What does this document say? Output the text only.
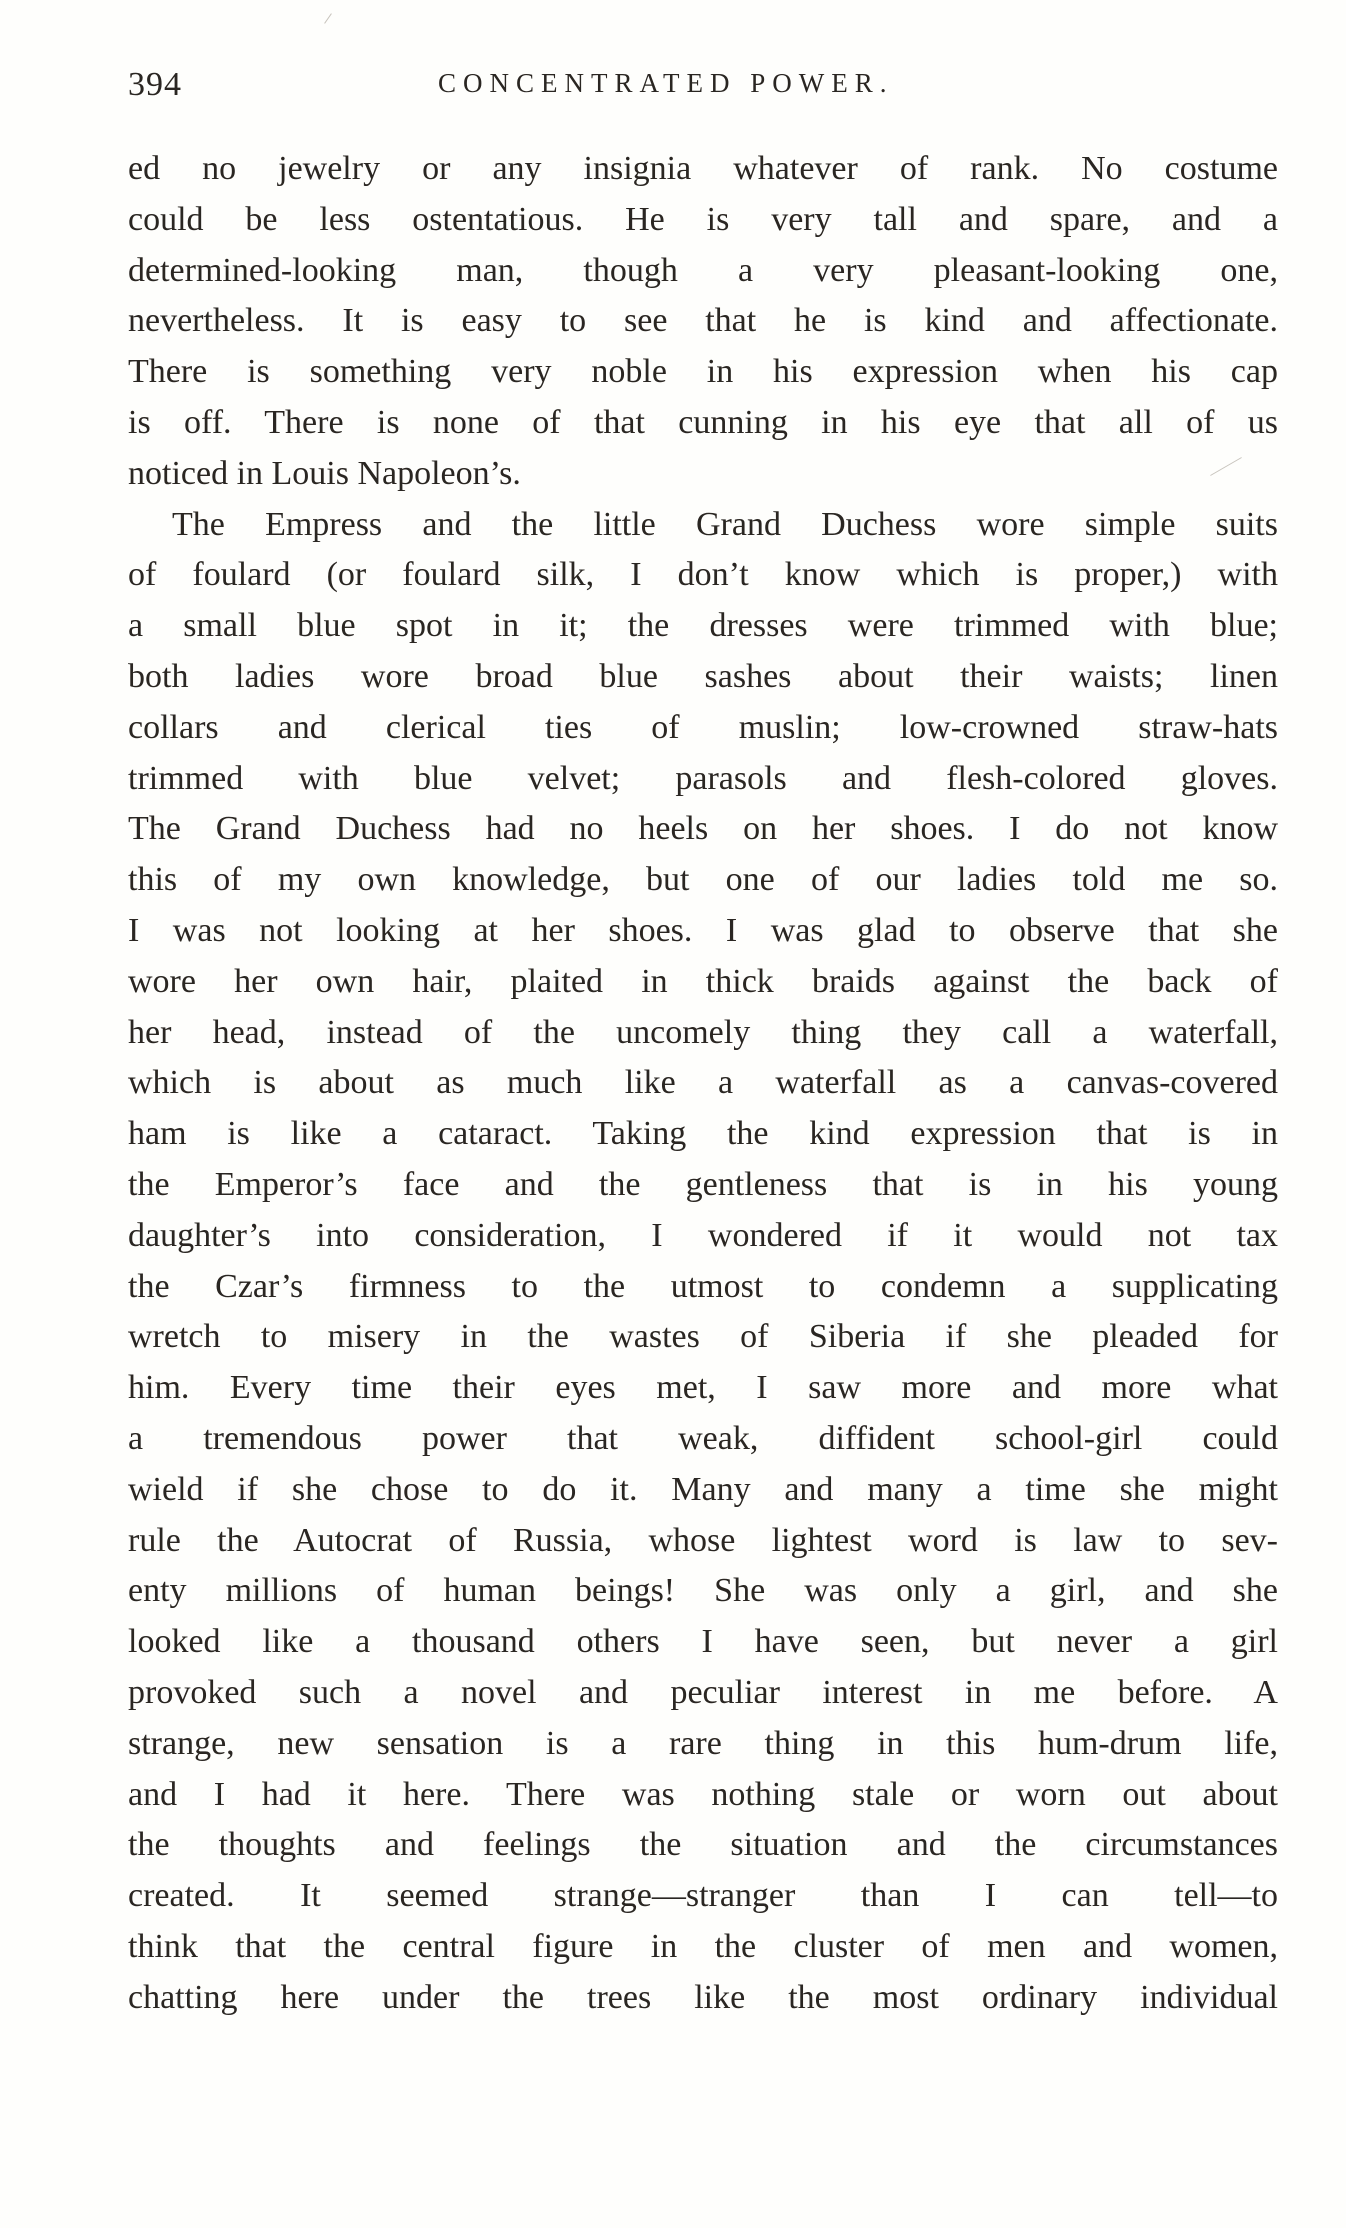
394	CONCENTRATED POWER.
ed no jewelry or any insignia whatever of rank. No costume
could be less ostentatious. He is very tall and spare, and a
determined-looking man, though a very pleasant-looking one,
nevertheless. It is easy to see that he is kind and affectionate.
There is something very noble in his expression when his cap
is off. There is none of that cunning in his eye that all of us
noticed in Louis Napoleon’s.
The Empress and the little Grand Duchess wore simple suits
of foulard (or foulard silk, I don’t know which is proper,) with
a small blue spot in it; the dresses were trimmed with blue;
both ladies wore broad blue sashes about their waists; linen
collars and clerical ties of muslin; low-crowned straw-hats
trimmed with blue velvet; parasols and flesh-colored gloves.
The Grand Duchess had no heels on her shoes. I do not know
this of my own knowledge, but one of our ladies told me so.
I was not looking at her shoes. I was glad to observe that she
wore her own hair, plaited in thick braids against the back of
her head, instead of the uncomely thing they call a waterfall,
which is about as much like a waterfall as a canvas-covered
ham is like a cataract. Taking the kind expression that is in
the Emperor’s face and the gentleness that is in his young
daughter’s into consideration, I wondered if it would not tax
the Czar’s firmness to the utmost to condemn a supplicating
wretch to misery in the wastes of Siberia if she pleaded for
him. Every time their eyes met, I saw more and more what
a tremendous power that weak, diffident school-girl could
wield if she chose to do it. Many and many a time she might
rule the Autocrat of Russia, whose lightest word is law to sev-
enty millions of human beings! She was only a girl, and she
looked like a thousand others I have seen, but never a girl
provoked such a novel and peculiar interest in me before. A
strange, new sensation is a rare thing in this hum-drum life,
and I had it here. There was nothing stale or worn out about
the thoughts and feelings the situation and the circumstances
created. It seemed strange—stranger than I can tell—to
think that the central figure in the cluster of men and women,
chatting here under the trees like the most ordinary individual
